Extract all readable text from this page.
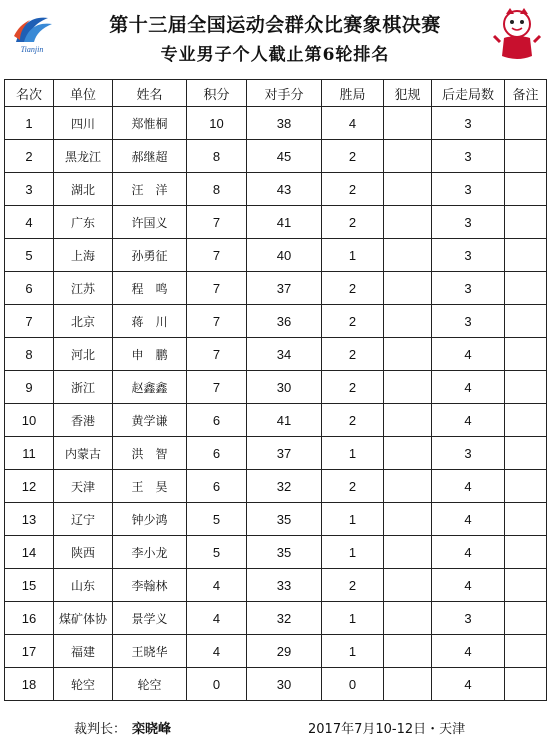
Tianjin
第十三届全国运动会群众比赛象棋决赛
专业男子个人截止第6轮排名
名次	单位	姓名	积分	对手分	胜局	犯规	后走局数	备注
1	四川	郑惟桐	10	38	4		3	
2	黑龙江	郝继超	8	45	2		3	
3	湖北	汪　洋	8	43	2		3	
4	广东	许国义	7	41	2		3	
5	上海	孙勇征	7	40	1		3	
6	江苏	程　鸣	7	37	2		3	
7	北京	蒋　川	7	36	2		3	
8	河北	申　鹏	7	34	2		4	
9	浙江	赵鑫鑫	7	30	2		4	
10	香港	黄学谦	6	41	2		4	
11	内蒙古	洪　智	6	37	1		3	
12	天津	王　昊	6	32	2		4	
13	辽宁	钟少鸿	5	35	1		4	
14	陕西	李小龙	5	35	1		4	
15	山东	李翰林	4	33	2		4	
16	煤矿体协	景学义	4	32	1		3	
17	福建	王晓华	4	29	1		4	
18	轮空	轮空	0	30	0		4	
裁判长： 栾晓峰	2017年7月10-12日・天津
